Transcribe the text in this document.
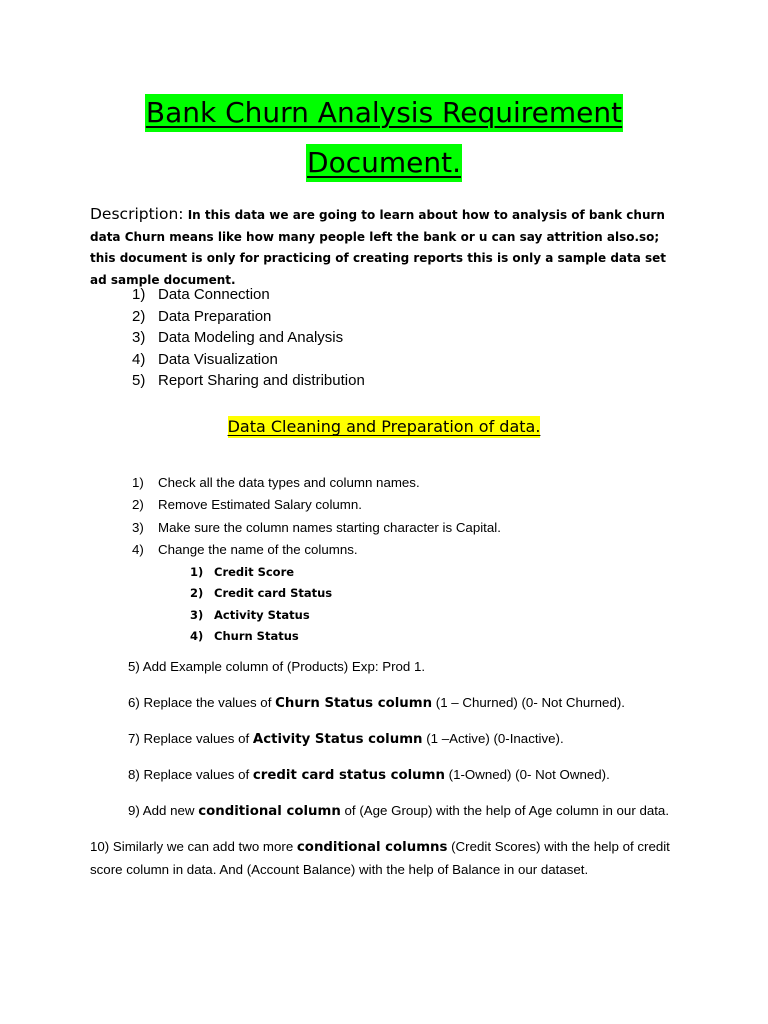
Bank Churn Analysis Requirement
Document.
Description: In this data we are going to learn about how to analysis of bank churn data Churn means like how many people left the bank or u can say attrition also.so; this document is only for practicing of creating reports this is only a sample data set ad sample document.
1) Data Connection
2) Data Preparation
3) Data Modeling and Analysis
4) Data Visualization
5) Report Sharing and distribution
Data Cleaning and Preparation of data.
1)	Check all the data types and column names.
2)	Remove Estimated Salary column.
3)	Make sure the column names starting character is Capital.
4)	Change the name of the columns.
1) Credit Score
2) Credit card Status
3) Activity Status
4) Churn Status
5) Add Example column of (Products) Exp: Prod 1.
6) Replace the values of Churn Status column (1 – Churned) (0- Not Churned).
7) Replace values of Activity Status column (1 –Active) (0-Inactive).
8) Replace values of credit card status column (1-Owned) (0- Not Owned).
9) Add new conditional column of (Age Group) with the help of Age column in our data.
10) Similarly we can add two more conditional columns (Credit Scores) with the help of credit score column in data. And (Account Balance) with the help of Balance in our dataset.
